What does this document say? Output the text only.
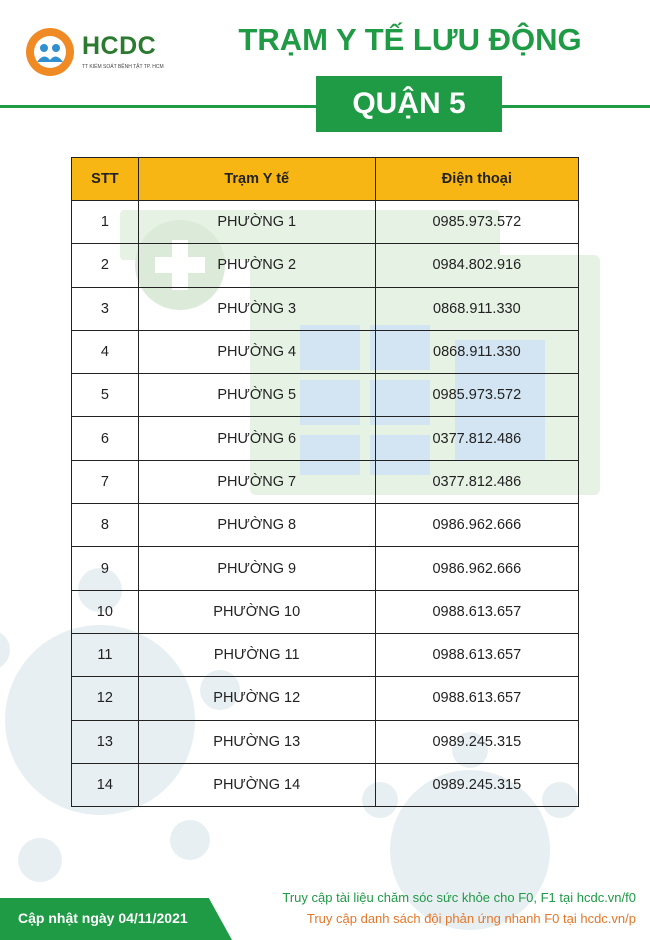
HCDC
TT KIỂM SOÁT BỆNH TẬT TP. HCM
TRẠM Y TẾ LƯU ĐỘNG
QUẬN 5
STT	Trạm Y tế	Điện thoại
1	PHƯỜNG 1	0985.973.572
2	PHƯỜNG 2	0984.802.916
3	PHƯỜNG 3	0868.911.330
4	PHƯỜNG 4	0868.911.330
5	PHƯỜNG 5	0985.973.572
6	PHƯỜNG 6	0377.812.486
7	PHƯỜNG 7	0377.812.486
8	PHƯỜNG 8	0986.962.666
9	PHƯỜNG 9	0986.962.666
10	PHƯỜNG 10	0988.613.657
11	PHƯỜNG 11	0988.613.657
12	PHƯỜNG 12	0988.613.657
13	PHƯỜNG 13	0989.245.315
14	PHƯỜNG 14	0989.245.315
Cập nhật ngày 04/11/2021
Truy cập tài liệu chăm sóc sức khỏe cho F0, F1 tại hcdc.vn/f0
Truy cập danh sách đội phản ứng nhanh F0 tại hcdc.vn/p
